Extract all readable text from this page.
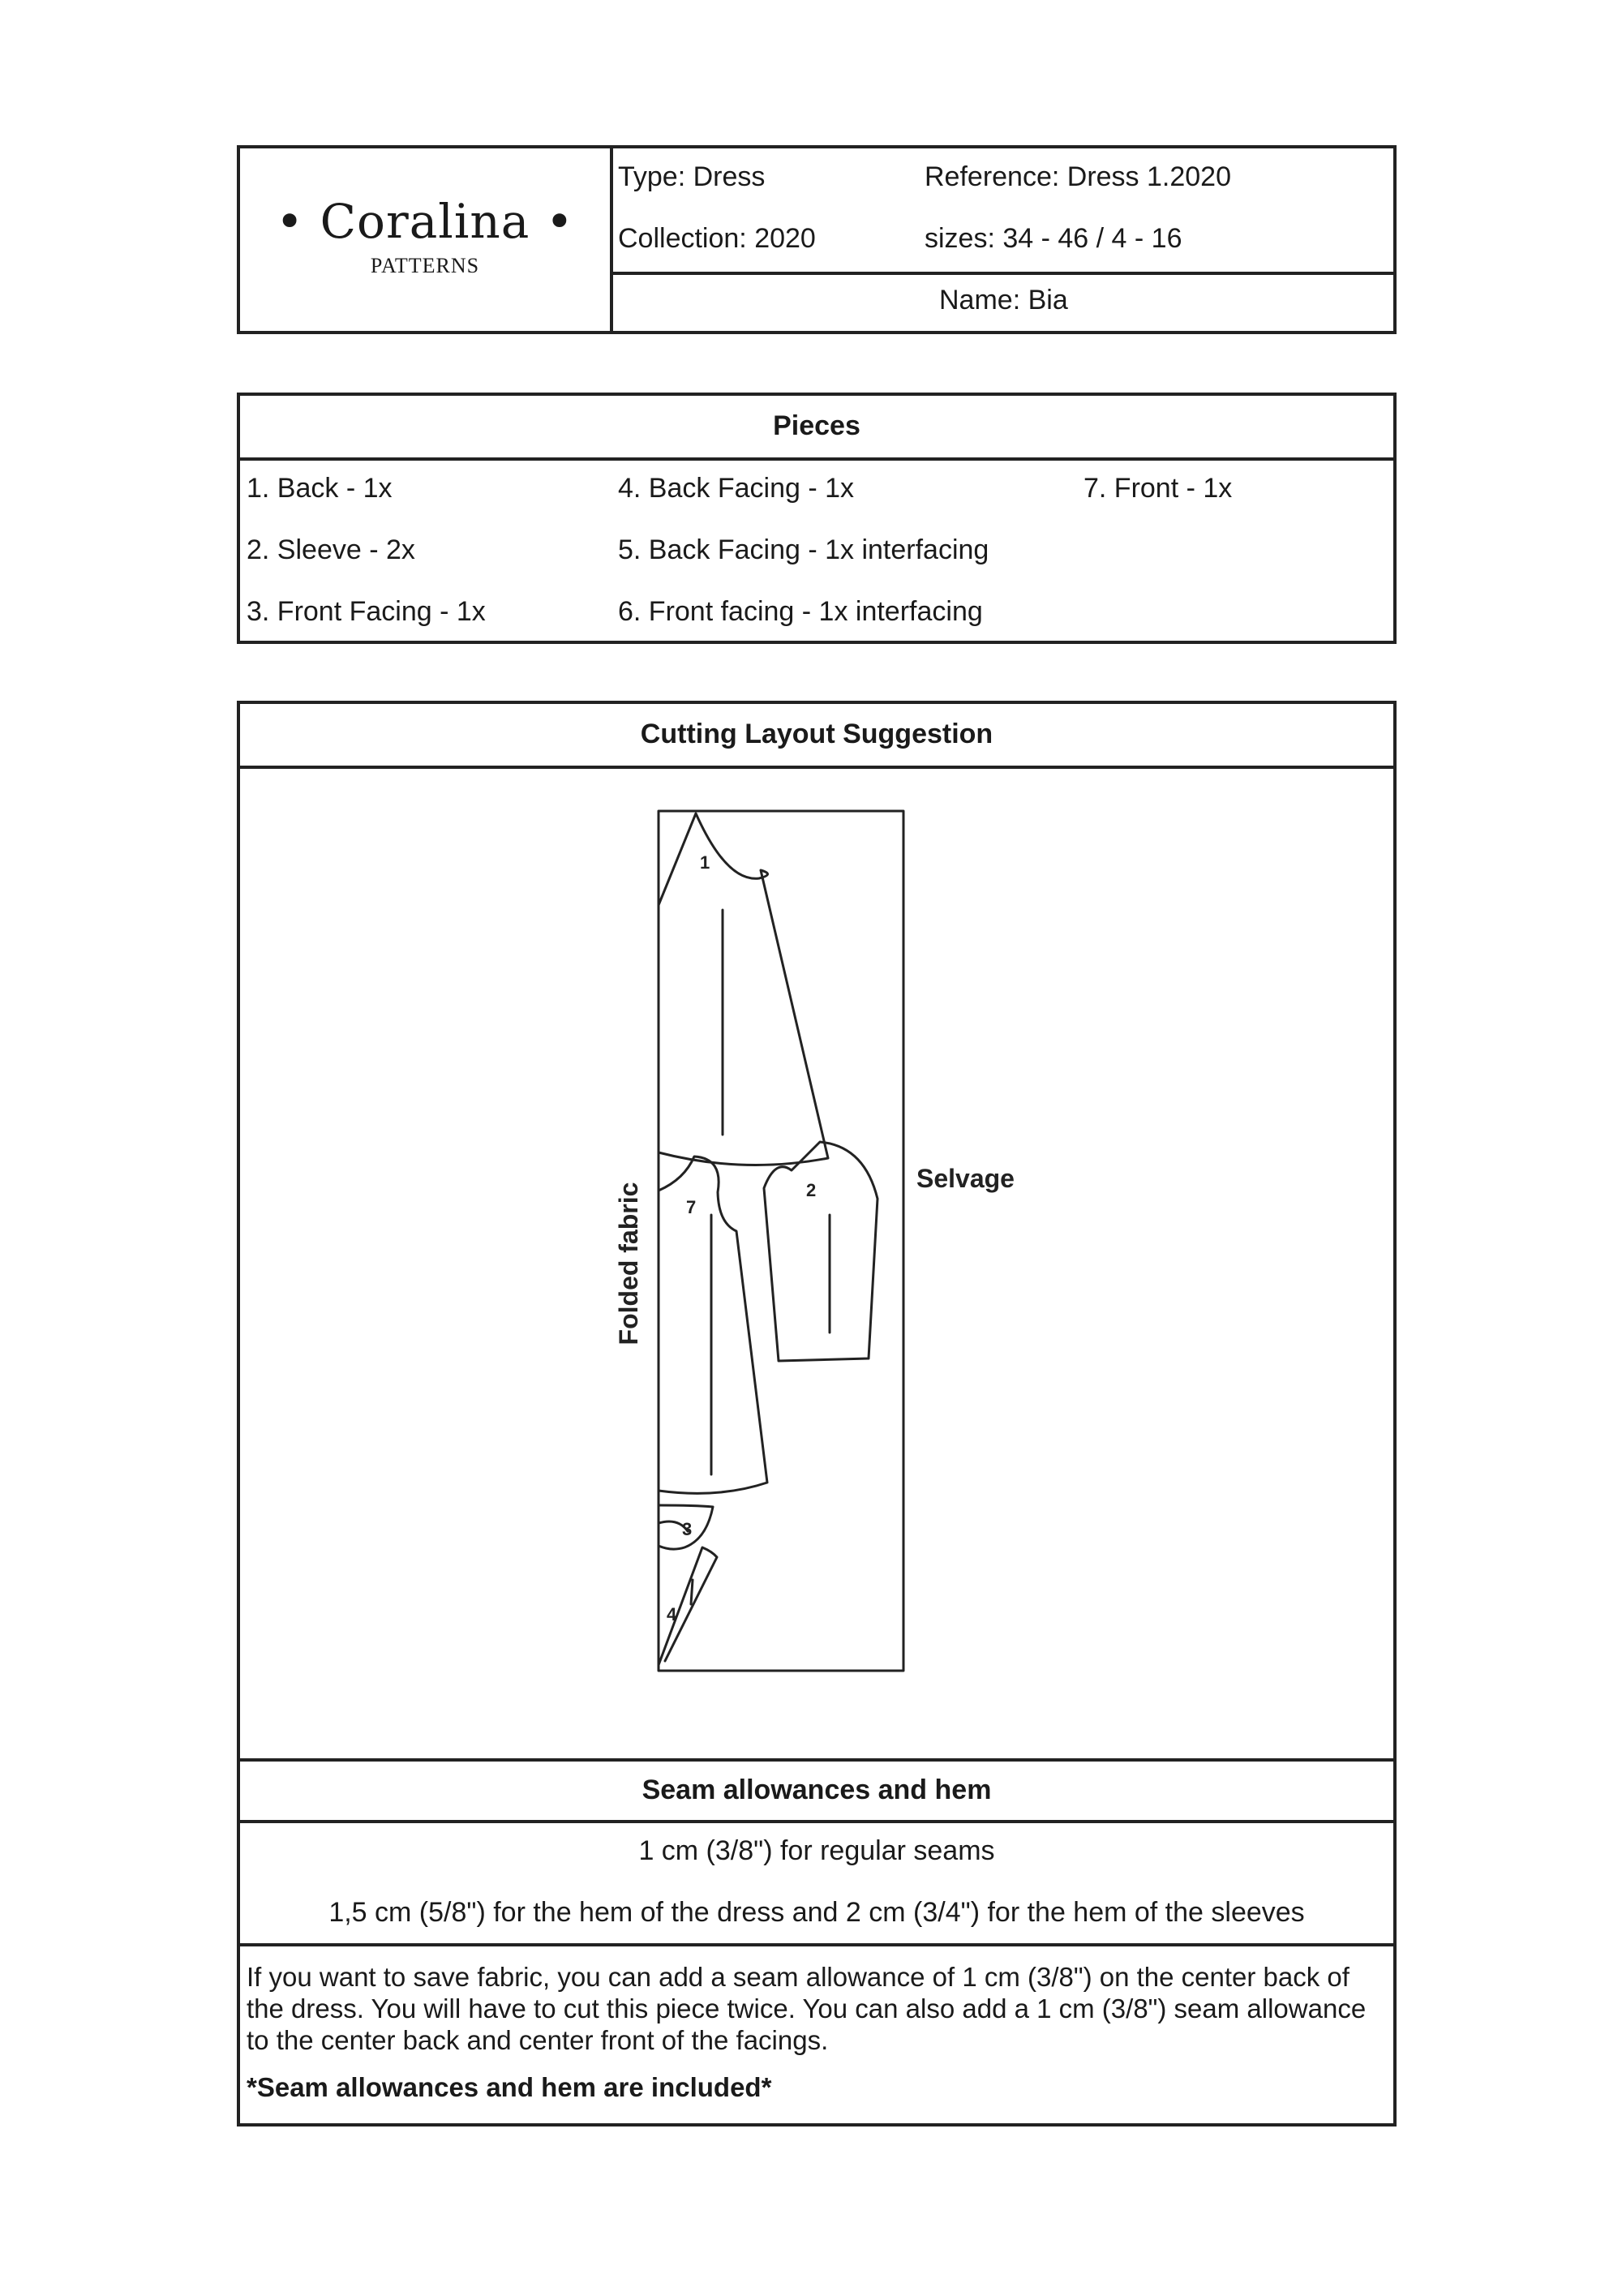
• Coralina •
PATTERNS
Type: Dress	Reference: Dress 1.2020
Collection: 2020	sizes: 34 - 46 / 4 - 16
Name: Bia
Pieces
1. Back - 1x
2. Sleeve - 2x
3. Front Facing - 1x
4. Back Facing - 1x
5. Back Facing - 1x interfacing
6. Front facing - 1x interfacing
7. Front - 1x
Cutting Layout Suggestion
1
2
7
3
4
Folded fabric
Selvage
Seam allowances and hem
1 cm (3/8") for regular seams
1,5 cm (5/8") for the hem of the dress and 2 cm (3/4") for the hem of the sleeves
If you want to save fabric, you can add a seam allowance of 1 cm (3/8") on the center back of the dress. You will have to cut this piece twice. You can also add a 1 cm (3/8") seam allowance to the center back and center front of the facings.
*Seam allowances and hem are included*
